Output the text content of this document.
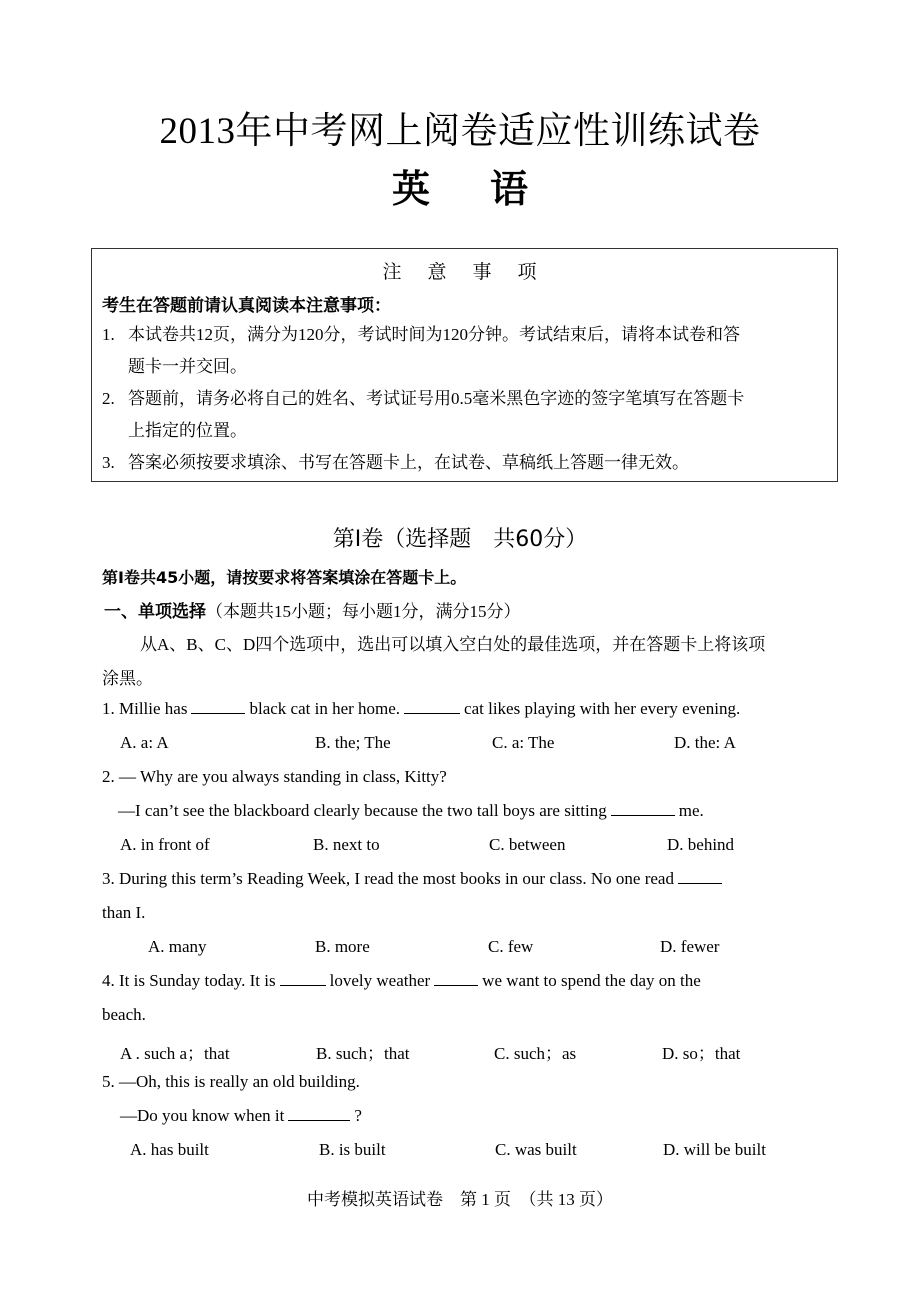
2013年中考网上阅卷适应性训练试卷
英 语
注 意 事 项
考生在答题前请认真阅读本注意事项：
1. 本试卷共12页，满分为120分，考试时间为120分钟。考试结束后，请将本试卷和答
题卡一并交回。
2. 答题前，请务必将自己的姓名、考试证号用0.5毫米黑色字迹的签字笔填写在答题卡
上指定的位置。
3. 答案必须按要求填涂、书写在答题卡上，在试卷、草稿纸上答题一律无效。
第Ⅰ卷（选择题　共60分）
第Ⅰ卷共45小题，请按要求将答案填涂在答题卡上。
一、单项选择（本题共15小题；每小题1分，满分15分）
从A、B、C、D四个选项中，选出可以填入空白处的最佳选项，并在答题卡上将该项
涂黑。
1. Millie has	black cat in her home.	cat likes playing with her every evening.
A. a: A	B. the; The	C. a: The	D. the: A
2. — Why are you always standing in class, Kitty?
—I can’t see the blackboard clearly because the two tall boys are sitting	me.
A. in front of	B. next to	C. between	D. behind
3. During this term’s Reading Week, I read the most books in our class. No one read
than I.
A. many	B. more	C. few	D. fewer
4. It is Sunday today. It is	lovely weather	we want to spend the day on the
beach.
A . such a；that	B. such；that	C. such；as	D. so；that
5. —Oh, this is really an old building.
—Do you know when it	?
A. has built	B. is built	C. was built	D. will be built
中考模拟英语试卷　第 1 页　（共 13 页）
